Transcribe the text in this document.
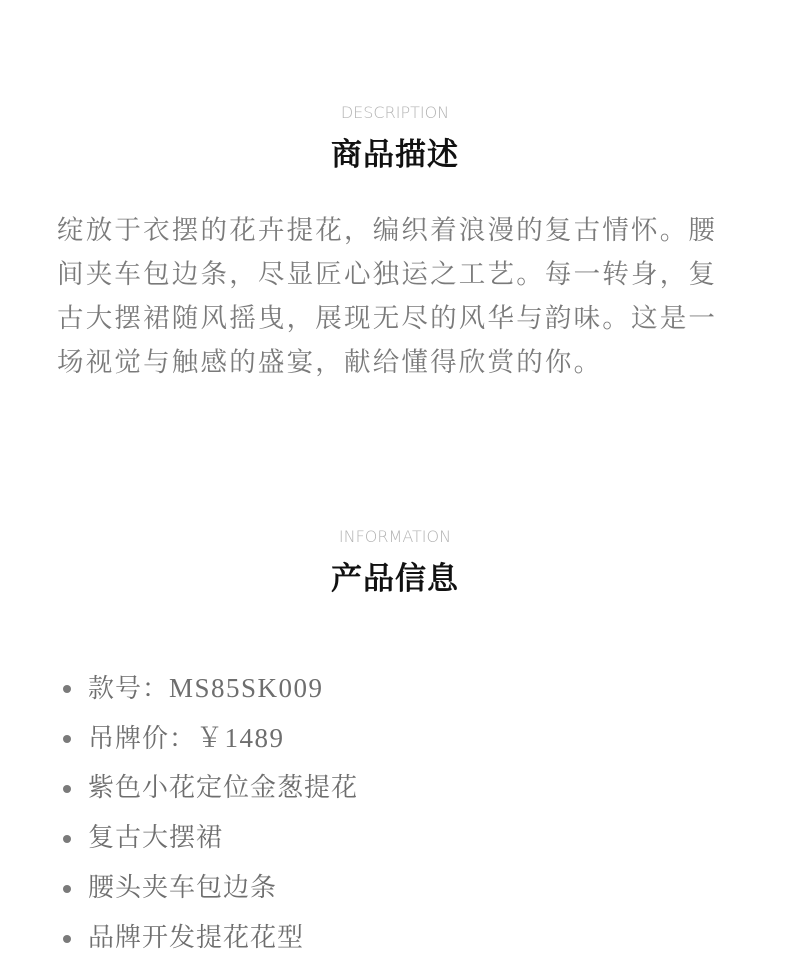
DESCRIPTION
商品描述

绽放于衣摆的花卉提花，编织着浪漫的复古情怀。腰间夹车包边条，尽显匠心独运之工艺。每一转身，复古大摆裙随风摇曳，展现无尽的风华与韵味。这是一场视觉与触感的盛宴，献给懂得欣赏的你。

INFORMATION
产品信息
款号：MS85SK009
吊牌价：￥1489
紫色小花定位金葱提花
复古大摆裙
腰头夹车包边条
品牌开发提花花型
